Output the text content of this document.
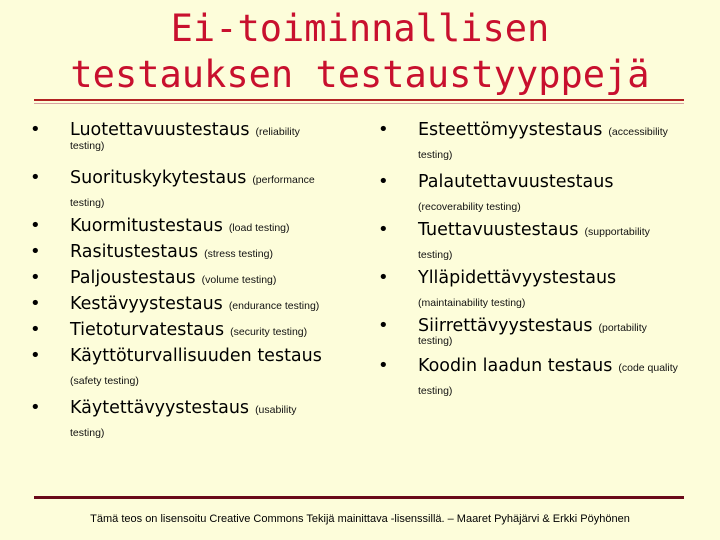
Ei-toiminnallisen testauksen testaustyyppejä
• Luotettavuustestaus (reliability
testing)
• Suorituskykytestaus (performance
testing)
• Kuormitustestaus (load testing)
• Rasitustestaus (stress testing)
• Paljoustestaus (volume testing)
• Kestävyystestaus (endurance testing)
• Tietoturvatestaus (security testing)
• Käyttöturvallisuuden testaus
(safety testing)
• Käytettävyystestaus (usability
testing)
• Esteettömyystestaus (accessibility
testing)
• Palautettavuustestaus
(recoverability testing)
• Tuettavuustestaus (supportability
testing)
• Ylläpidettävyystestaus
(maintainability testing)
• Siirrettävyystestaus (portability
testing)
• Koodin laadun testaus (code quality
testing)
Tämä teos on lisensoitu Creative Commons Tekijä mainittava -lisenssillä. – Maaret Pyhäjärvi & Erkki Pöyhönen
